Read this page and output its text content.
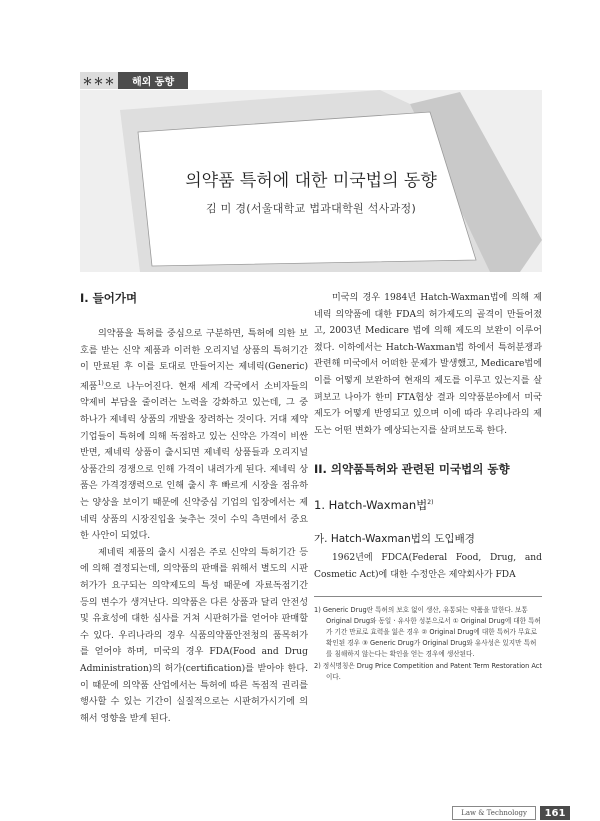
＊＊＊	해외 동향
의약품 특허에 대한 미국법의 동향
김 미 경(서울대학교 법과대학원 석사과정)
I. 들어가며

의약품을 특허를 중심으로 구분하면, 특허에 의한 보호를 받는 신약 제품과 이러한 오리지널 상품의 특허기간이 만료된 후 이를 토대로 만들어지는 제네릭(Generic) 제품$^{1)}$으로 나누어진다. 현재 세계 각국에서 소비자들의 약제비 부담을 줄이려는 노력을 강화하고 있는데, 그 중 하나가 제네릭 상품의 개발을 장려하는 것이다. 거대 제약기업들이 특허에 의해 독점하고 있는 신약은 가격이 비싼 반면, 제네릭 상품이 출시되면 제네릭 상품들과 오리지널 상품간의 경쟁으로 인해 가격이 내려가게 된다. 제네릭 상품은 가격경쟁력으로 인해 출시 후 빠르게 시장을 점유하는 양상을 보이기 때문에 신약중심 기업의 입장에서는 제네릭 상품의 시장진입을 늦추는 것이 수익 측면에서 중요한 사안이 되었다.

제네릭 제품의 출시 시점은 주로 신약의 특허기간 등에 의해 결정되는데, 의약품의 판매를 위해서 별도의 시판허가가 요구되는 의약제도의 특성 때문에 자료독점기간 등의 변수가 생겨난다. 의약품은 다른 상품과 달리 안전성 및 유효성에 대한 심사를 거쳐 시판허가를 얻어야 판매할 수 있다. 우리나라의 경우 식품의약품안전청의 품목허가를 얻어야 하며, 미국의 경우 FDA(Food and Drug Administration)의 허가(certification)를 받아야 한다. 이 때문에 의약품 산업에서는 특허에 따른 독점적 권리를 행사할 수 있는 기간이 실질적으로는 시판허가시기에 의해서 영향을 받게 된다.

미국의 경우 1984년 Hatch-Waxman법에 의해 제네릭 의약품에 대한 FDA의 허가제도의 골격이 만들어졌고, 2003년 Medicare 법에 의해 제도의 보완이 이루어졌다. 이하에서는 Hatch-Waxman법 하에서 특허분쟁과 관련해 미국에서 어떠한 문제가 발생했고, Medicare법에 이를 어떻게 보완하여 현재의 제도를 이루고 있는지를 살펴보고 나아가 한미 FTA협상 결과 의약품분야에서 미국 제도가 어떻게 반영되고 있으며 이에 따라 우리나라의 제도는 어떤 변화가 예상되는지를 살펴보도록 한다.

II. 의약품특허와 관련된 미국법의 동향
1. Hatch-Waxman법$^{2)}$
가. Hatch-Waxman법의 도입배경

1962년에 FDCA(Federal Food, Drug, and Cosmetic Act)에 대한 수정안은 제약회사가 FDA

1) Generic Drug란 특허의 보호 없이 생산, 유통되는 약품을 말한다. 보통 Original Drug와 동일ㆍ유사한 성분으로서 ① Original Drug에 대한 특허가 기간 만료로 효력을 잃은 경우 ② Original Drug에 대한 특허가 무효로 확인된 경우 ③ Generic Drug가 Original Drug와 유사성은 있지만 특허를 침해하지 않는다는 확인을 얻는 경우에 생산된다.

2) 정식명칭은 Drug Price Competition and Patent Term Restoration Act이다.

Law & Technology	161
